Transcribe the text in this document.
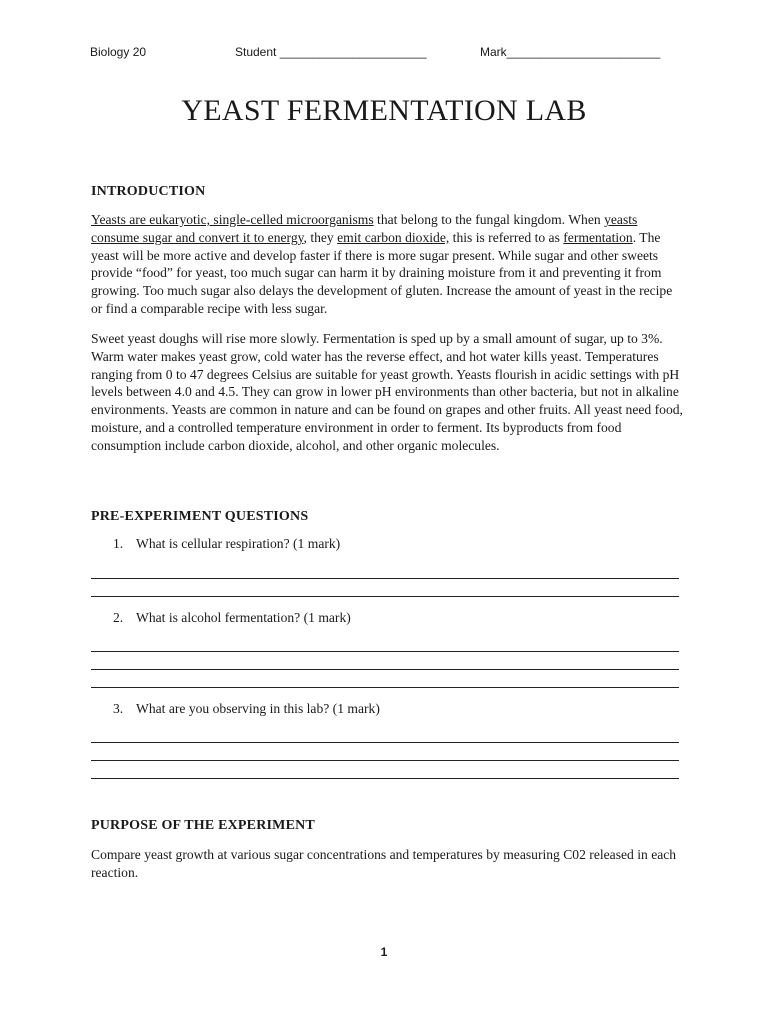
Biology 20	Student ______________________	Mark_______________________
YEAST FERMENTATION LAB
INTRODUCTION

Yeasts are eukaryotic, single-celled microorganisms that belong to the fungal kingdom. When yeasts consume sugar and convert it to energy, they emit carbon dioxide, this is referred to as fermentation. The yeast will be more active and develop faster if there is more sugar present. While sugar and other sweets provide “food” for yeast, too much sugar can harm it by draining moisture from it and preventing it from growing. Too much sugar also delays the development of gluten. Increase the amount of yeast in the recipe or find a comparable recipe with less sugar.

Sweet yeast doughs will rise more slowly. Fermentation is sped up by a small amount of sugar, up to 3%. Warm water makes yeast grow, cold water has the reverse effect, and hot water kills yeast. Temperatures ranging from 0 to 47 degrees Celsius are suitable for yeast growth. Yeasts flourish in acidic settings with pH levels between 4.0 and 4.5. They can grow in lower pH environments than other bacteria, but not in alkaline environments. Yeasts are common in nature and can be found on grapes and other fruits. All yeast need food, moisture, and a controlled temperature environment in order to ferment. Its byproducts from food consumption include carbon dioxide, alcohol, and other organic molecules.

PRE-EXPERIMENT QUESTIONS
1. What is cellular respiration? (1 mark)
2. What is alcohol fermentation? (1 mark)
3. What are you observing in this lab? (1 mark)
PURPOSE OF THE EXPERIMENT

Compare yeast growth at various sugar concentrations and temperatures by measuring C02 released in each reaction.

1
